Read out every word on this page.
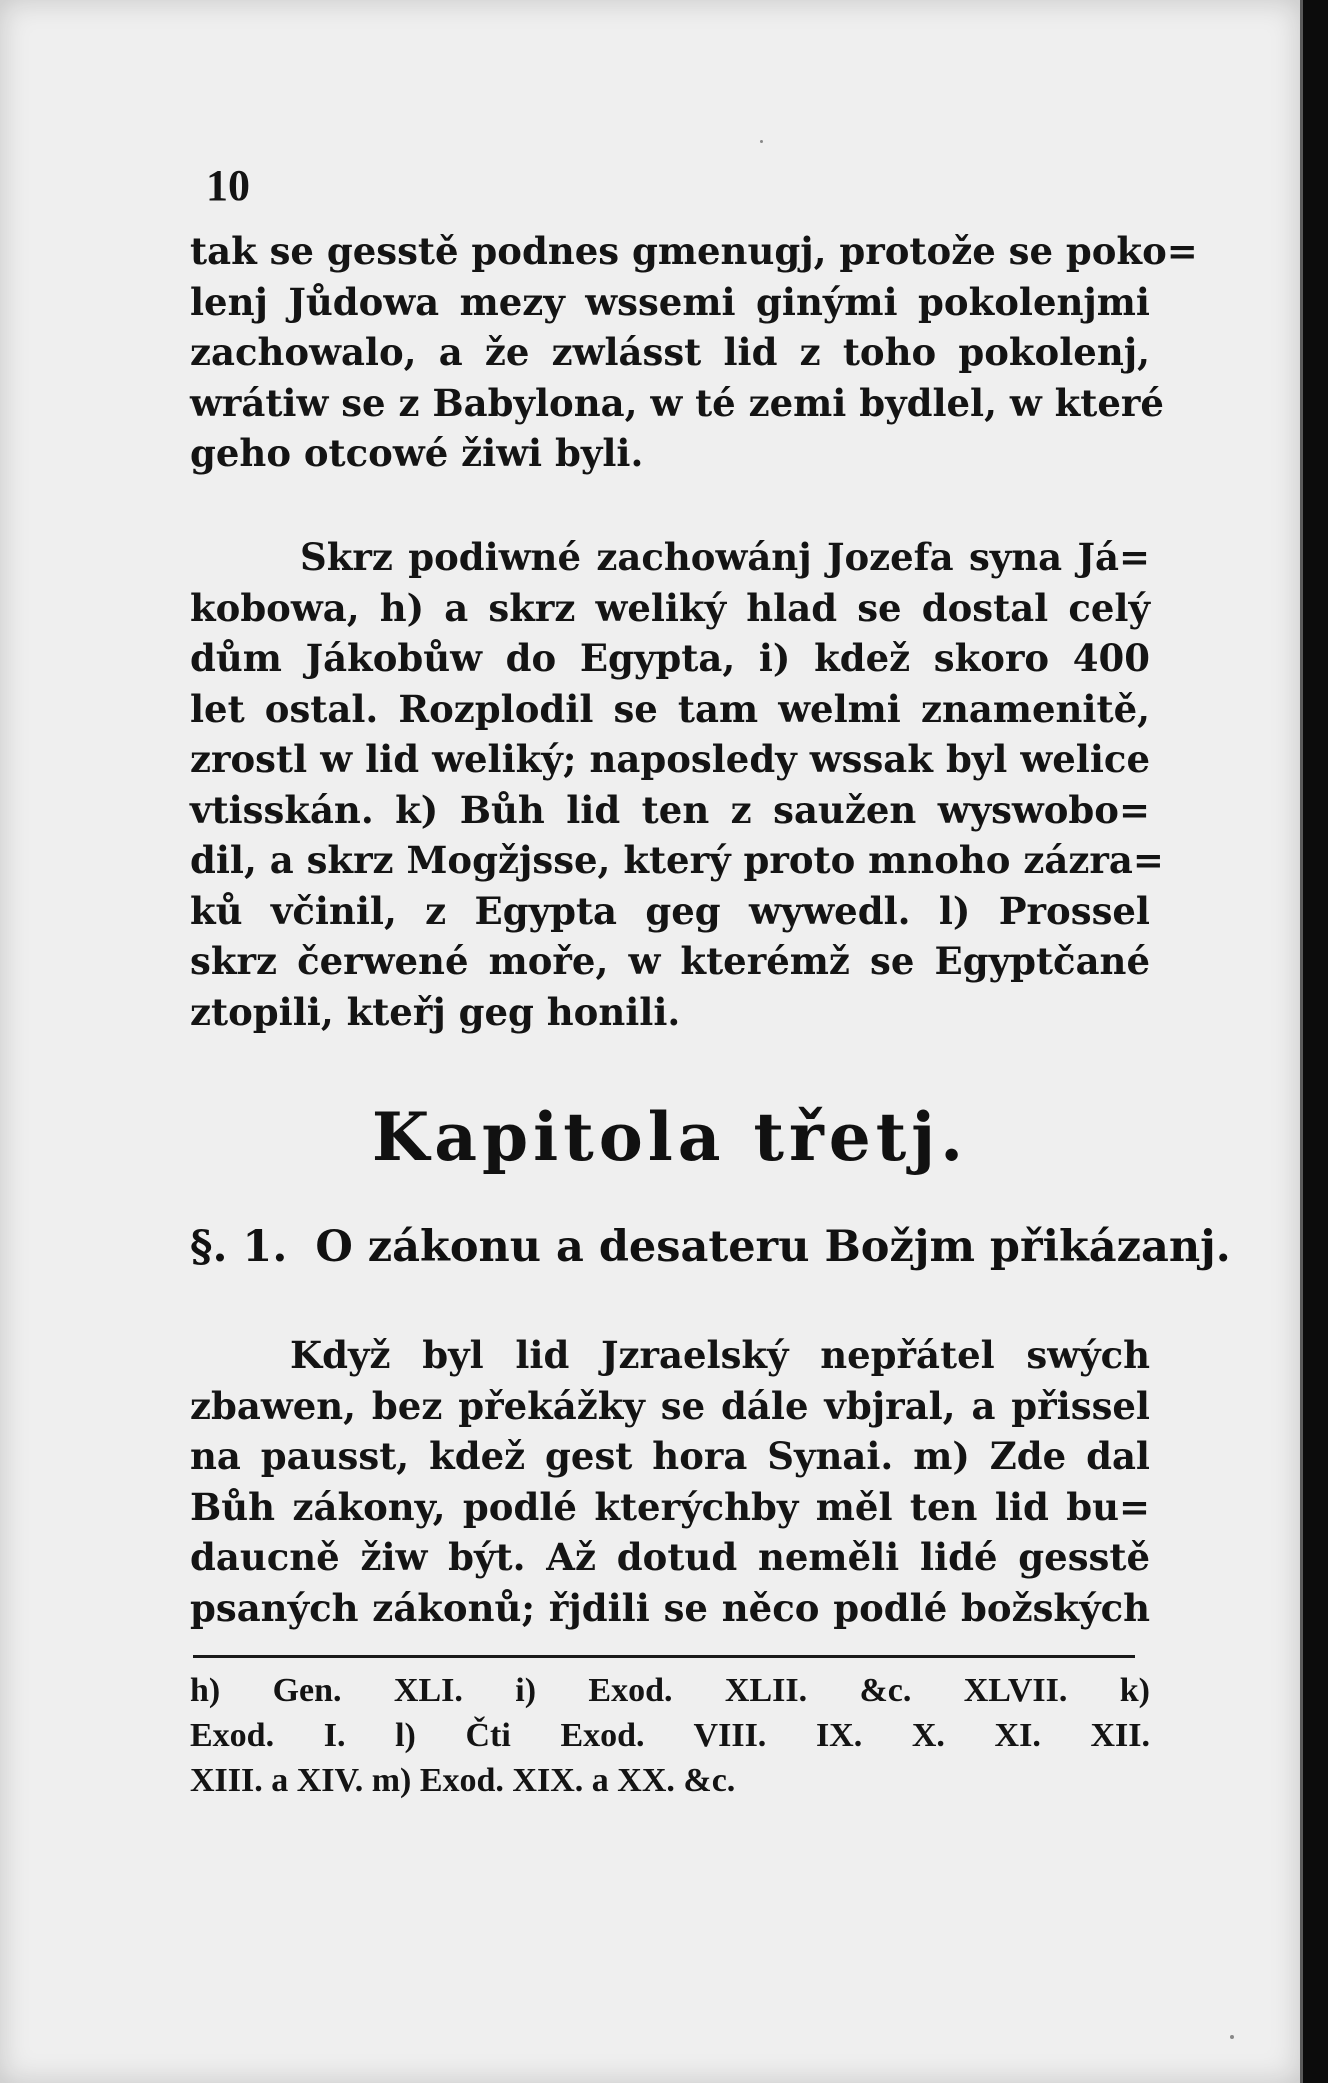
10
tak se gesstě podnes gmenugj, protože se poko=
lenj Jůdowa mezy wssemi ginými pokolenjmi
zachowalo, a že zwlásst lid z toho pokolenj,
wrátiw se z Babylona, w té zemi bydlel, w které
geho otcowé žiwi byli.
Skrz podiwné zachowánj Jozefa syna Já=
kobowa, h) a skrz weliký hlad se dostal celý
dům Jákobůw do Egypta, i) kdež skoro 400
let ostal. Rozplodil se tam welmi znamenitě,
zrostl w lid weliký; naposledy wssak byl welice
vtisskán. k) Bůh lid ten z saužen wyswobo=
dil, a skrz Mogžjsse, který proto mnoho zázra=
ků včinil, z Egypta geg wywedl. l) Prossel
skrz čerwené moře, w kterémž se Egyptčané
ztopili, kteřj geg honili.
Kapitola třetj.
§. 1. O zákonu a desateru Božjm přikázanj.
Když byl lid Jzraelský nepřátel swých
zbawen, bez překážky se dále vbjral, a přissel
na pausst, kdež gest hora Synai. m) Zde dal
Bůh zákony, podlé kterýchby měl ten lid bu=
dauсně žiw být. Až dotud neměli lidé gesstě
psaných zákonů; řjdili se něco podlé božských
h) Gen. XLI. i) Exod. XLII. &c. XLVII. k)
Exod. I. l) Čti Exod. VIII. IX. X. XI. XII.
XIII. a XIV. m) Exod. XIX. a XX. &c.
